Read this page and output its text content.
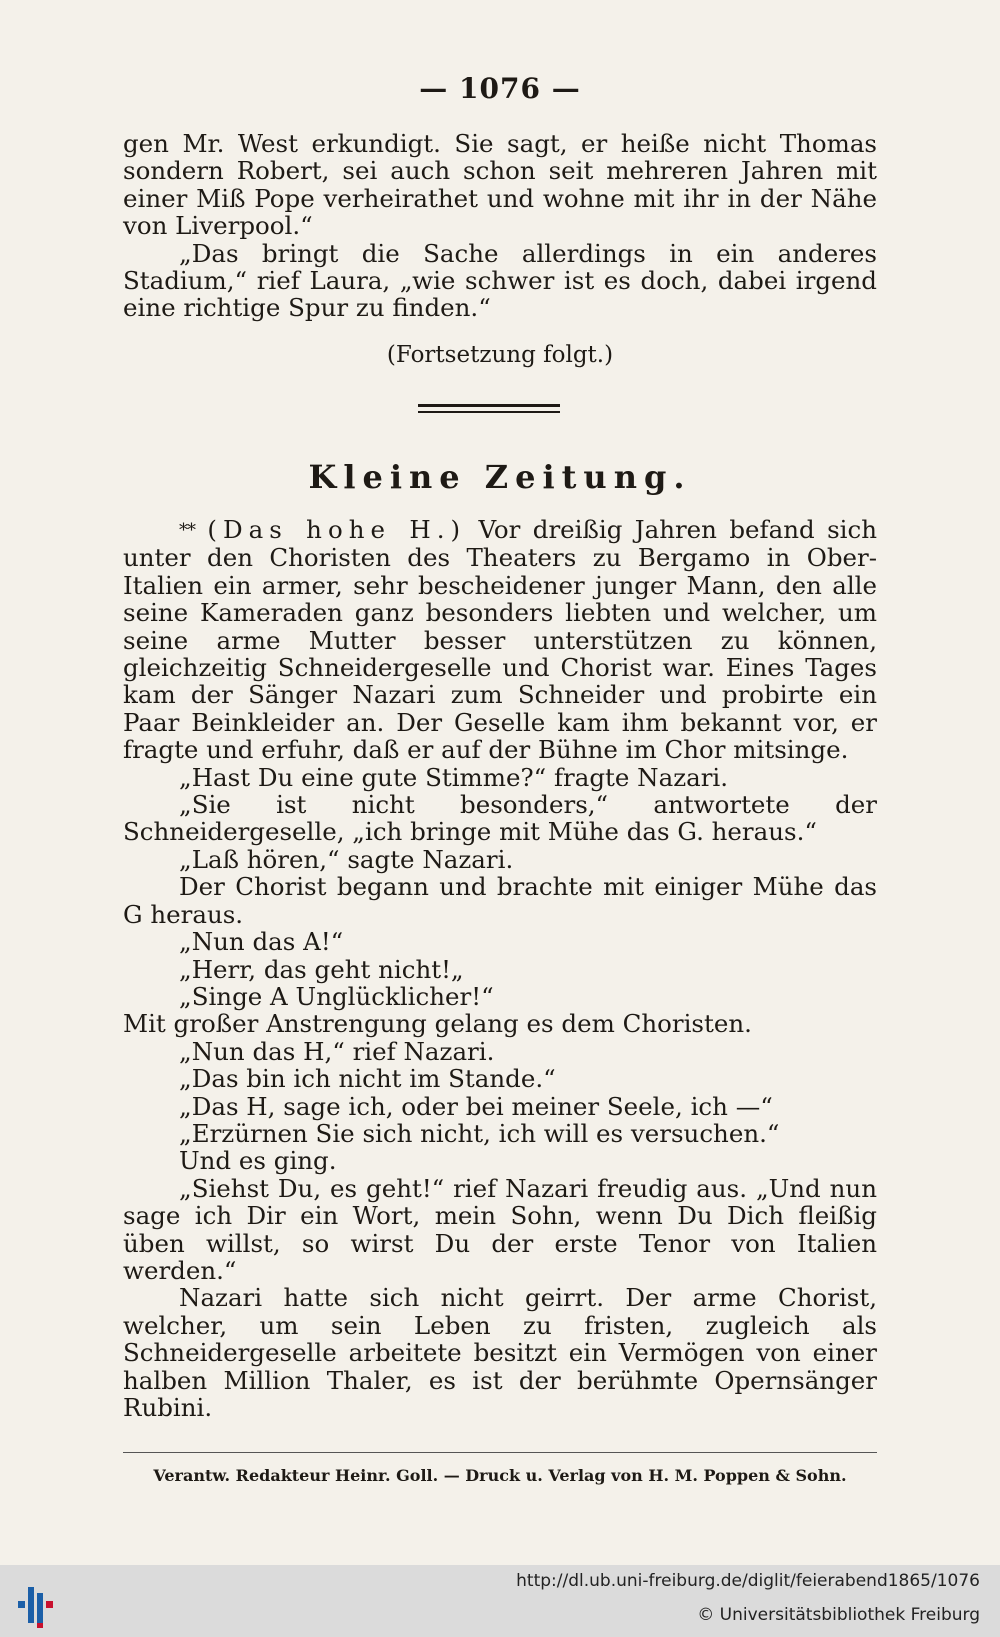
— 1076 —

gen Mr. West erkundigt. Sie sagt, er heiße nicht Thomas sondern Robert, sei auch schon seit mehreren Jahren mit einer Miß Pope verheirathet und wohne mit ihr in der Nähe von Liverpool.“

„Das bringt die Sache allerdings in ein anderes Stadium,“ rief Laura, „wie schwer ist es doch, dabei irgend eine richtige Spur zu finden.“

(Fortsetzung folgt.)
Kleine Zeitung.

** (Das hohe H.) Vor dreißig Jahren befand sich unter den Choristen des Theaters zu Bergamo in Ober-Italien ein armer, sehr bescheidener junger Mann, den alle seine Kameraden ganz besonders liebten und welcher, um seine arme Mutter besser unterstützen zu können, gleichzeitig Schneidergeselle und Chorist war. Eines Tages kam der Sänger Nazari zum Schneider und probirte ein Paar Beinkleider an. Der Geselle kam ihm bekannt vor, er fragte und erfuhr, daß er auf der Bühne im Chor mitsinge.

„Hast Du eine gute Stimme?“ fragte Nazari.

„Sie ist nicht besonders,“ antwortete der Schneidergeselle, „ich bringe mit Mühe das G. heraus.“

„Laß hören,“ sagte Nazari.

Der Chorist begann und brachte mit einiger Mühe das G heraus.

„Nun das A!“

„Herr, das geht nicht!„

„Singe A Unglücklicher!“

Mit großer Anstrengung gelang es dem Choristen.

„Nun das H,“ rief Nazari.

„Das bin ich nicht im Stande.“

„Das H, sage ich, oder bei meiner Seele, ich —“

„Erzürnen Sie sich nicht, ich will es versuchen.“

Und es ging.

„Siehst Du, es geht!“ rief Nazari freudig aus. „Und nun sage ich Dir ein Wort, mein Sohn, wenn Du Dich fleißig üben willst, so wirst Du der erste Tenor von Italien werden.“

Nazari hatte sich nicht geirrt. Der arme Chorist, welcher, um sein Leben zu fristen, zugleich als Schneidergeselle arbeitete besitzt ein Vermögen von einer halben Million Thaler, es ist der berühmte Opernsänger Rubini.

Verantw. Redakteur Heinr. Goll. — Druck u. Verlag von H. M. Poppen & Sohn.
http://dl.ub.uni-freiburg.de/diglit/feierabend1865/1076
© Universitätsbibliothek Freiburg
